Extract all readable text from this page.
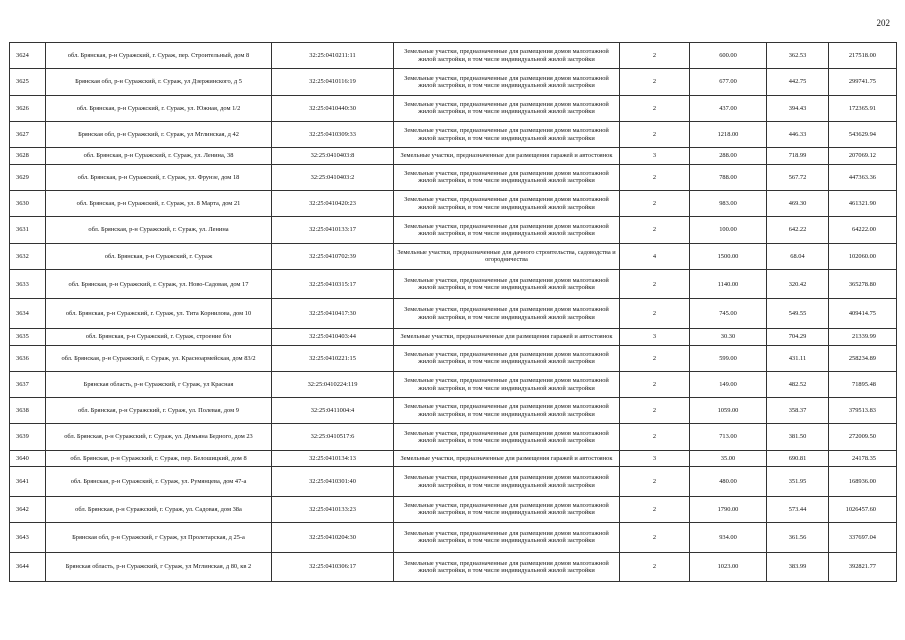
202
3624	обл. Брянская, р-н Суражский, г. Сураж, пер. Строительный, дом 8	32:25:0410211:11	Земельные участки, предназначенные для размещения домов малоэтажной жилой застройки, в том числе индивидуальной жилой застройки	2	600.00	362.53	217518.00
3625	Брянская обл, р-н Суражский, г. Сураж, ул Дзержинского, д 5	32:25:0410116:19	Земельные участки, предназначенные для размещения домов малоэтажной жилой застройки, в том числе индивидуальной жилой застройки	2	677.00	442.75	299741.75
3626	обл. Брянская, р-н Суражский, г. Сураж, ул. Южная, дом 1/2	32:25:0410440:30	Земельные участки, предназначенные для размещения домов малоэтажной жилой застройки, в том числе индивидуальной жилой застройки	2	437.00	394.43	172365.91
3627	Брянская обл, р-н Суражский, г. Сураж, ул Мглинская, д 42	32:25:0410309:33	Земельные участки, предназначенные для размещения домов малоэтажной жилой застройки, в том числе индивидуальной жилой застройки	2	1218.00	446.33	543629.94
3628	обл. Брянская, р-н Суражский, г. Сураж, ул. Ленина, 38	32:25:0410403:8	Земельные участки, предназначенные для размещения гаражей и автостоянок	3	288.00	718.99	207069.12
3629	обл. Брянская, р-н Суражский, г. Сураж, ул. Фрунзе, дом 18	32:25:0410403:2	Земельные участки, предназначенные для размещения домов малоэтажной жилой застройки, в том числе индивидуальной жилой застройки	2	788.00	567.72	447363.36
3630	обл. Брянская, р-н Суражский, г. Сураж, ул. 8 Марта, дом 21	32:25:0410420:23	Земельные участки, предназначенные для размещения домов малоэтажной жилой застройки, в том числе индивидуальной жилой застройки	2	983.00	469.30	461321.90
3631	обл. Брянская, р-н Суражский, г. Сураж, ул. Ленина	32:25:0410133:17	Земельные участки, предназначенные для размещения домов малоэтажной жилой застройки, в том числе индивидуальной жилой застройки	2	100.00	642.22	64222.00
3632	обл. Брянская, р-н Суражский, г. Сураж	32:25:0410702:39	Земельные участки, предназначенные для дачного строительства, садоводства и огородничества	4	1500.00	68.04	102060.00
3633	обл. Брянская, р-н Суражский, г. Сураж, ул. Ново-Садовая, дом 17	32:25:0410315:17	Земельные участки, предназначенные для размещения домов малоэтажной жилой застройки, в том числе индивидуальной жилой застройки	2	1140.00	320.42	365278.80
3634	обл. Брянская, р-н Суражский, г. Сураж, ул. Тита Корнилова, дом 10	32:25:0410417:30	Земельные участки, предназначенные для размещения домов малоэтажной жилой застройки, в том числе индивидуальной жилой застройки	2	745.00	549.55	409414.75
3635	обл. Брянская, р-н Суражский, г. Сураж, строение б/н	32:25:0410403:44	Земельные участки, предназначенные для размещения гаражей и автостоянок	3	30.30	704.29	21339.99
3636	обл. Брянская, р-н Суражский, г. Сураж, ул. Красноармейская, дом 83/2	32:25:0410221:15	Земельные участки, предназначенные для размещения домов малоэтажной жилой застройки, в том числе индивидуальной жилой застройки	2	599.00	431.11	258234.89
3637	Брянская область, р-н Суражский, г Сураж, ул Красная	32:25:0410224:119	Земельные участки, предназначенные для размещения домов малоэтажной жилой застройки, в том числе индивидуальной жилой застройки	2	149.00	482.52	71895.48
3638	обл. Брянская, р-н Суражский, г. Сураж, ул. Полевая, дом 9	32:25:0411004:4	Земельные участки, предназначенные для размещения домов малоэтажной жилой застройки, в том числе индивидуальной жилой застройки	2	1059.00	358.37	379513.83
3639	обл. Брянская, р-н Суражский, г. Сураж, ул. Демьяна Бедного, дом 23	32:25:0410517:6	Земельные участки, предназначенные для размещения домов малоэтажной жилой застройки, в том числе индивидуальной жилой застройки	2	713.00	381.50	272009.50
3640	обл. Брянская, р-н Суражский, г. Сураж, пер. Белошицкий, дом 8	32:25:0410134:13	Земельные участки, предназначенные для размещения гаражей и автостоянок	3	35.00	690.81	24178.35
3641	обл. Брянская, р-н Суражский, г. Сураж, ул. Румянцева, дом 47-а	32:25:0410301:40	Земельные участки, предназначенные для размещения домов малоэтажной жилой застройки, в том числе индивидуальной жилой застройки	2	480.00	351.95	168936.00
3642	обл. Брянская, р-н Суражский, г. Сураж, ул. Садовая, дом 38а	32:25:0410133:23	Земельные участки, предназначенные для размещения домов малоэтажной жилой застройки, в том числе индивидуальной жилой застройки	2	1790.00	573.44	1026457.60
3643	Брянская обл, р-н Суражский, г Сураж, ул Пролетарская, д 25-а	32:25:0410204:30	Земельные участки, предназначенные для размещения домов малоэтажной жилой застройки, в том числе индивидуальной жилой застройки	2	934.00	361.56	337697.04
3644	Брянская область, р-н Суражский, г Сураж, ул Мглинская, д 80, кв 2	32:25:0410306:17	Земельные участки, предназначенные для размещения домов малоэтажной жилой застройки, в том числе индивидуальной жилой застройки	2	1023.00	383.99	392821.77
